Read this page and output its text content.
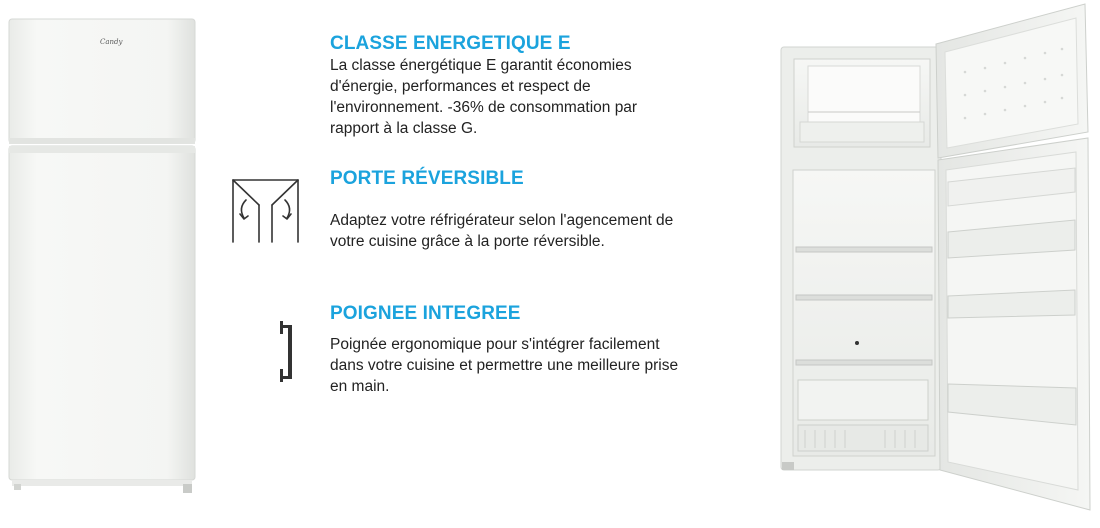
Candy	CLASSE ENERGETIQUE E
La classe énergétique E garantit économies
d'énergie, performances et respect de
l'environnement. -36% de consommation par
rapport à la classe G.
PORTE RÉVERSIBLE
Adaptez votre réfrigérateur selon l'agencement de
votre cuisine grâce à la porte réversible.
POIGNEE INTEGREE
Poignée ergonomique pour s'intégrer facilement
dans votre cuisine et permettre une meilleure prise
en main.
